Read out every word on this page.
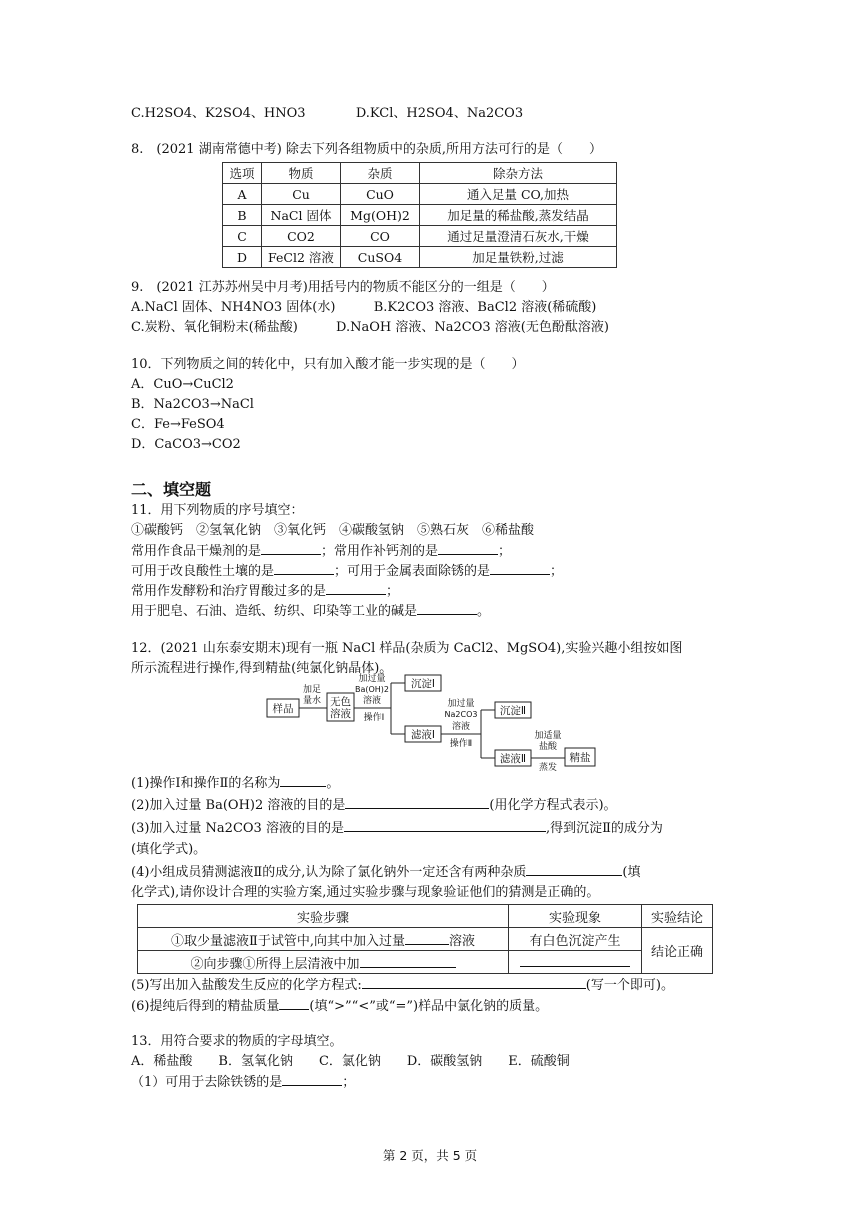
C.H2SO4、K2SO4、HNO3	D.KCl、H2SO4、Na2CO3
8.　(2021 湖南常德中考) 除去下列各组物质中的杂质,所用方法可行的是（　　）
选项	物质	杂质	除杂方法
A	Cu	CuO	通入足量 CO,加热
B	NaCl 固体	Mg(OH)2	加足量的稀盐酸,蒸发结晶
C	CO2	CO	通过足量澄清石灰水,干燥
D	FeCl2 溶液	CuSO4	加足量铁粉,过滤
9.　(2021 江苏苏州吴中月考)用括号内的物质不能区分的一组是（　　）
A.NaCl 固体、NH4NO3 固体(水)	B.K2CO3 溶液、BaCl2 溶液(稀硫酸)
C.炭粉、氧化铜粉末(稀盐酸)	D.NaOH 溶液、Na2CO3 溶液(无色酚酞溶液)
10．下列物质之间的转化中，只有加入酸才能一步实现的是（　　）
A．CuO→CuCl2
B．Na2CO3→NaCl
C．Fe→FeSO4
D．CaCO3→CO2
二、填空题
11．用下列物质的序号填空：
①碳酸钙　②氢氧化钠　③氧化钙　④碳酸氢钠　⑤熟石灰　⑥稀盐酸
常用作食品干燥剂的是	；常用作补钙剂的是	；
可用于改良酸性土壤的是	；可用于金属表面除锈的是	；
常用作发酵粉和治疗胃酸过多的是	；
用于肥皂、石油、造纸、纺织、印染等工业的碱是	。
12．(2021 山东泰安期末)现有一瓶 NaCl 样品(杂质为 CaCl2、MgSO4),实验兴趣小组按如图
所示流程进行操作,得到精盐(纯氯化钠晶体)。
样品
无色
溶液
沉淀Ⅰ
滤液Ⅰ
沉淀Ⅱ
滤液Ⅱ	精盐
加足
量水
加过量
Ba(OH)2
溶液
操作Ⅰ
加过量
Na2CO3
溶液
操作Ⅱ
加适量
盐酸
蒸发
(1)操作Ⅰ和操作Ⅱ的名称为	。
(2)加入过量 Ba(OH)2 溶液的目的是	(用化学方程式表示)。
(3)加入过量 Na2CO3 溶液的目的是	,得到沉淀Ⅱ的成分为
(填化学式)。
(4)小组成员猜测滤液Ⅱ的成分,认为除了氯化钠外一定还含有两种杂质	(填
化学式),请你设计合理的实验方案,通过实验步骤与现象验证他们的猜测是正确的。
实验步骤	实验现象	实验结论
①取少量滤液Ⅱ于试管中,向其中加入过量 溶液	有白色沉淀产生	结论正确
②向步骤①所得上层清液中加		
(5)写出加入盐酸发生反应的化学方程式:	(写一个即可)。
(6)提纯后得到的精盐质量 (填“>”“<”或“=”)样品中氯化钠的质量。
13．用符合要求的物质的字母填空。
A．稀盐酸　　B．氢氧化钠　　C．氯化钠　　D．碳酸氢钠　　E．硫酸铜
（1）可用于去除铁锈的是	；
第 2 页，共 5 页
